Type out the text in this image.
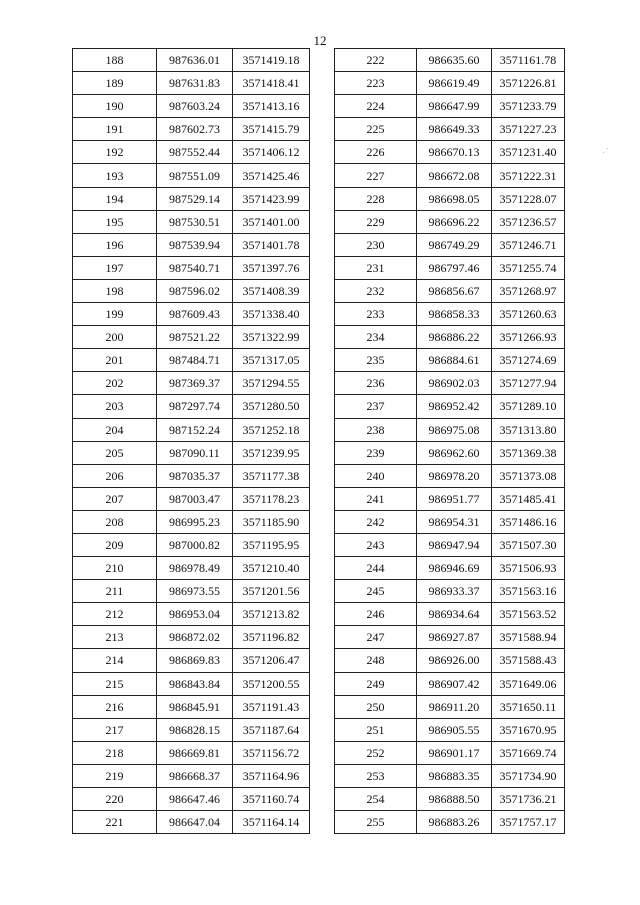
12
188	987636.01	3571419.18
189	987631.83	3571418.41
190	987603.24	3571413.16
191	987602.73	3571415.79
192	987552.44	3571406.12
193	987551.09	3571425.46
194	987529.14	3571423.99
195	987530.51	3571401.00
196	987539.94	3571401.78
197	987540.71	3571397.76
198	987596.02	3571408.39
199	987609.43	3571338.40
200	987521.22	3571322.99
201	987484.71	3571317.05
202	987369.37	3571294.55
203	987297.74	3571280.50
204	987152.24	3571252.18
205	987090.11	3571239.95
206	987035.37	3571177.38
207	987003.47	3571178.23
208	986995.23	3571185.90
209	987000.82	3571195.95
210	986978.49	3571210.40
211	986973.55	3571201.56
212	986953.04	3571213.82
213	986872.02	3571196.82
214	986869.83	3571206.47
215	986843.84	3571200.55
216	986845.91	3571191.43
217	986828.15	3571187.64
218	986669.81	3571156.72
219	986668.37	3571164.96
220	986647.46	3571160.74
221	986647.04	3571164.14
222	986635.60	3571161.78
223	986619.49	3571226.81
224	986647.99	3571233.79
225	986649.33	3571227.23
226	986670.13	3571231.40
227	986672.08	3571222.31
228	986698.05	3571228.07
229	986696.22	3571236.57
230	986749.29	3571246.71
231	986797.46	3571255.74
232	986856.67	3571268.97
233	986858.33	3571260.63
234	986886.22	3571266.93
235	986884.61	3571274.69
236	986902.03	3571277.94
237	986952.42	3571289.10
238	986975.08	3571313.80
239	986962.60	3571369.38
240	986978.20	3571373.08
241	986951.77	3571485.41
242	986954.31	3571486.16
243	986947.94	3571507.30
244	986946.69	3571506.93
245	986933.37	3571563.16
246	986934.64	3571563.52
247	986927.87	3571588.94
248	986926.00	3571588.43
249	986907.42	3571649.06
250	986911.20	3571650.11
251	986905.55	3571670.95
252	986901.17	3571669.74
253	986883.35	3571734.90
254	986888.50	3571736.21
255	986883.26	3571757.17
